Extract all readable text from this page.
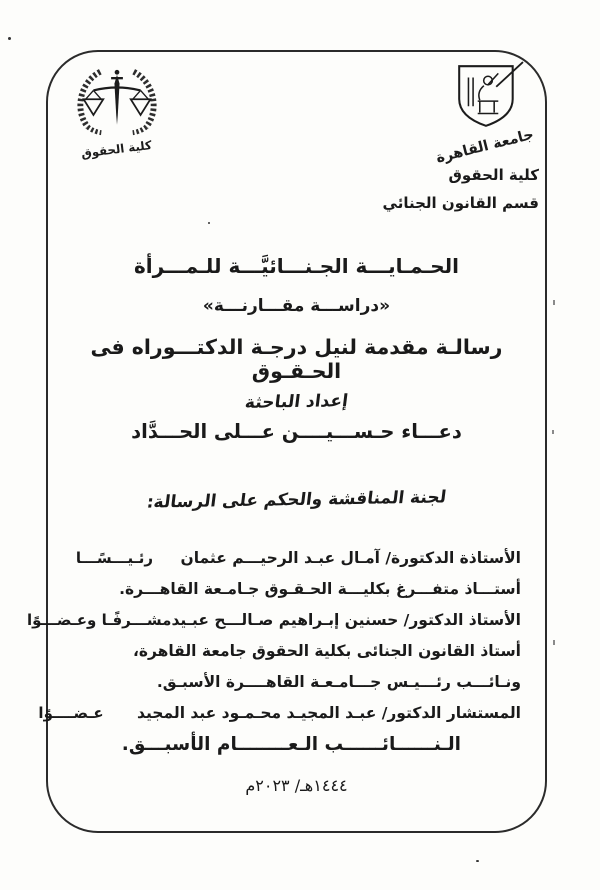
كلية الحقوق	جامعة القاهرة
كلية الحقوق
قسم القانون الجنائي
الحـمـايـــة الجـنـــائيَّـــة للـمـــرأة
«دراســـة مقـــارنـــة»
رسالـة مقدمة لنيل درجـة الدكتـــوراه فى الحـقـوق
إعداد الباحثة
دعـــاء حـســـيــــن عـــلى الحـــدَّاد
لجنة المناقشة والحكم على الرسالة:
الأستاذة الدكتورة/ آمـال عبـد الرحيـــم عثمان
رئـيـــسًـــا
أستـــاذ متفـــرغ بكليـــة الحـقـوق جـامـعة القاهـــرة.
الأستاذ الدكتور/ حسنين إبـراهيم صـالـــح عبـيد
مشـــرفًـا وعـضـــوًا
أستاذ القانون الجنائى بكلية الحقوق جامعة القاهرة،
ونـائـــب رئـــيـس جـــامـعـة القاهــــرة الأسبـق.
المستشار الدكتور/ عبـد المجيـد محـمـود عبد المجيد
عـضــــوًا
الـنــــــائــــــب الـعــــــــام الأسبـــق.
١٤٤٤هـ/ ٢٠٢٣م
